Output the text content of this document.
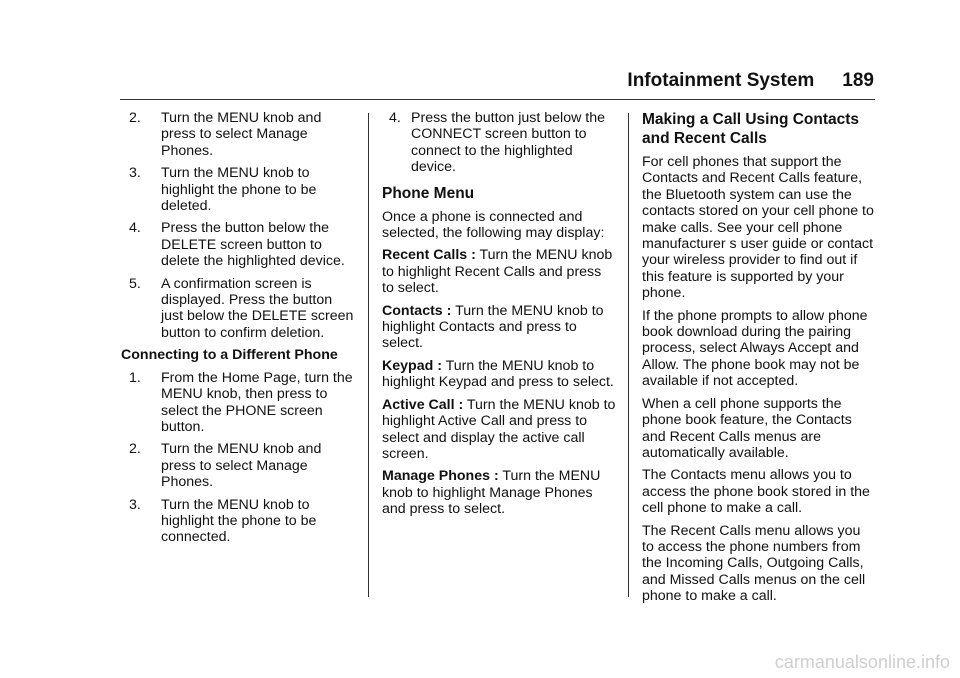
Infotainment System 189
2.	Turn the MENU knob and press to select Manage Phones.
3.	Turn the MENU knob to highlight the phone to be deleted.
4.	Press the button below the DELETE screen button to delete the highlighted device.
5.	A confirmation screen is displayed. Press the button just below the DELETE screen button to confirm deletion.
Connecting to a Different Phone
1.	From the Home Page, turn the MENU knob, then press to select the PHONE screen button.
2.	Turn the MENU knob and press to select Manage Phones.
3.	Turn the MENU knob to highlight the phone to be connected.
4. Press the button just below the CONNECT screen button to connect to the highlighted device.
Phone Menu

Once a phone is connected and selected, the following may display:

Recent Calls : Turn the MENU knob to highlight Recent Calls and press to select.

Contacts : Turn the MENU knob to highlight Contacts and press to select.

Keypad : Turn the MENU knob to highlight Keypad and press to select.

Active Call : Turn the MENU knob to highlight Active Call and press to select and display the active call screen.

Manage Phones : Turn the MENU knob to highlight Manage Phones and press to select.

Making a Call Using Contacts and Recent Calls

For cell phones that support the Contacts and Recent Calls feature, the Bluetooth system can use the contacts stored on your cell phone to make calls. See your cell phone manufacturer s user guide or contact your wireless provider to find out if this feature is supported by your phone.

If the phone prompts to allow phone book download during the pairing process, select Always Accept and Allow. The phone book may not be available if not accepted.

When a cell phone supports the phone book feature, the Contacts and Recent Calls menus are automatically available.

The Contacts menu allows you to access the phone book stored in the cell phone to make a call.

The Recent Calls menu allows you to access the phone numbers from the Incoming Calls, Outgoing Calls, and Missed Calls menus on the cell phone to make a call.

carmanualsonline.info
